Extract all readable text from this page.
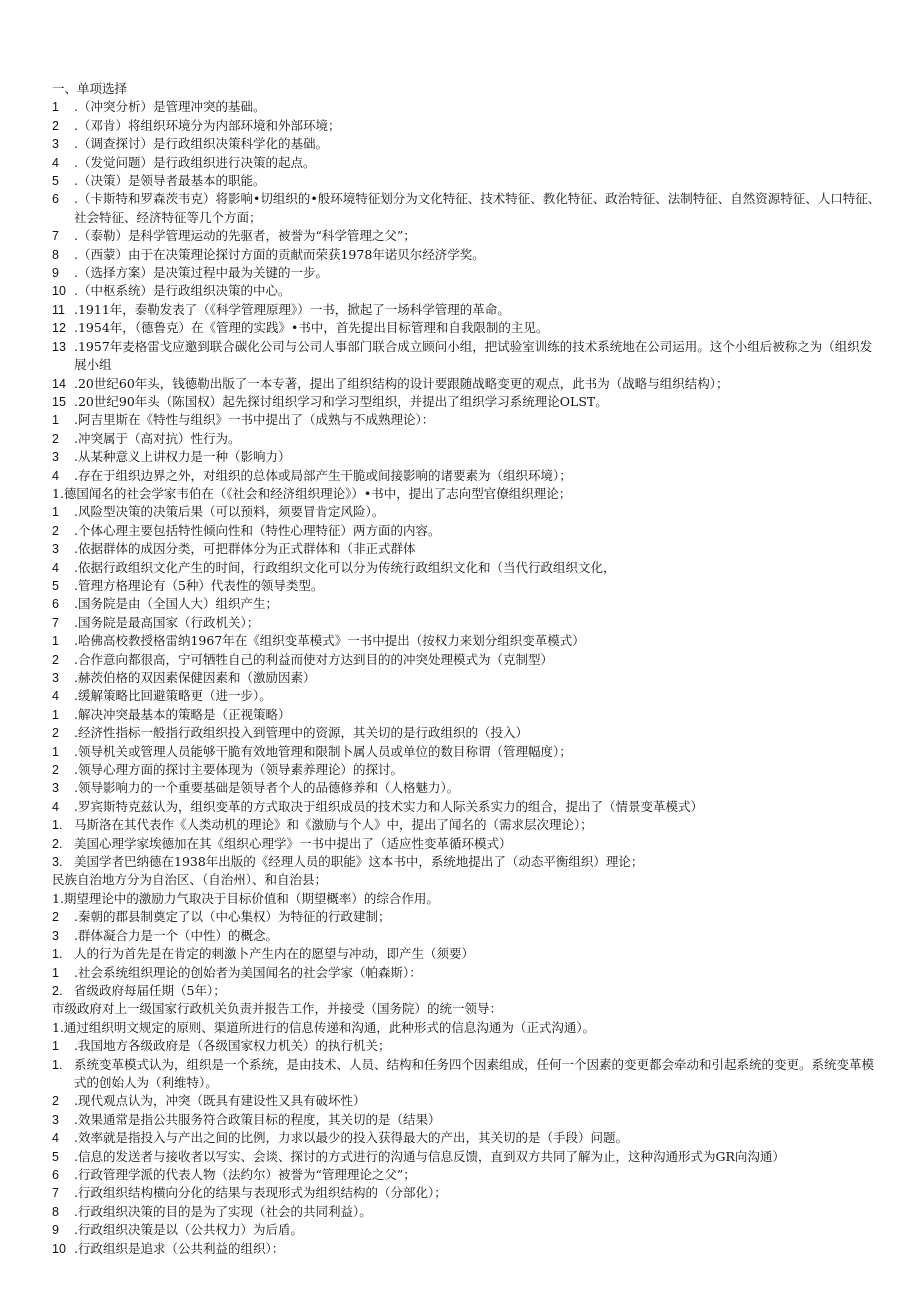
一、单项选择
1 .（冲突分析）是管理冲突的基础。
2 .（邓肯）将组织环境分为内部环境和外部环境；
3 .（调查探讨）是行政组织决策科学化的基础。
4 .（发觉问题）是行政组织进行决策的起点。
5 .（决策）是领导者最基本的职能。
6	.（卡斯特和罗森茨韦克）将影响•切组织的•般环境特征划分为文化特征、技术特征、教化特征、政治特征、法制特征、自然资源特征、人口特征、社会特征、经济特征等几个方面；
7 .（泰勒）是科学管理运动的先驱者，被誉为“科学管理之父”；
8 .（西蒙）由于在决策理论探讨方面的贡献而荣获1978年诺贝尔经济学奖。
9 .（选择方案）是决策过程中最为关键的一步。
10 .（中枢系统）是行政组织决策的中心。
11 .1911年，泰勒发表了（《科学管理原理》）一书，掀起了一场科学管理的革命。
12 .1954年，（德鲁克）在《管理的实践》•书中，首先提出目标管理和自我限制的主见。
13 .1957年麦格雷戈应邀到联合碳化公司与公司人事部门联合成立顾问小组，把试验室训练的技术系统地在公司运用。这个小组后被称之为（组织发展小组
14 .20世纪60年头，钱德勒出版了一本专著，提出了组织结构的设计要跟随战略变更的观点，此书为（战略与组织结构）；
15 .20世纪90年头（陈国权）起先探讨组织学习和学习型组织，并提出了组织学习系统理论OLST。
1 .阿吉里斯在《特性与组织》一书中提出了（成熟与不成熟理论）：
2 .冲突属于（高对抗）性行为。
3 .从某种意义上讲权力是一种（影响力）
4 .存在于组织边界之外，对组织的总体或局部产生干脆或间接影响的诸要素为（组织环境）；
1.德国闻名的社会学家韦伯在（《社会和经济组织理论》）•书中，提出了志向型官僚组织理论；
1 .风险型决策的决策后果（可以预料，须要冒肯定风险）。
2 .个体心理主要包括特性倾向性和（特性心理特征）两方面的内容。
3 .依据群体的成因分类，可把群体分为正式群体和（非正式群体
4 .依据行政组织文化产生的时间，行政组织文化可以分为传统行政组织文化和（当代行政组织文化，
5 .管理方格理论有（5种）代表性的领导类型。
6 .国务院是由（全国人大）组织产生；
7 .国务院是最高国家（行政机关）；
1 .哈佛高校教授格雷纳1967年在《组织变革模式》一书中提出（按权力来划分组织变革模式）
2 .合作意向都很高，宁可牺牲自己的利益而使对方达到目的的冲突处理模式为（克制型）
3 .赫茨伯格的双因素保健因素和（激励因素）
4 .缓解策略比回避策略更（进一步）。
1 .解决冲突最基本的策略是（正视策略）
2 .经济性指标一般指行政组织投入到管理中的资源，其关切的是行政组织的（投入）
1 .领导机关或管理人员能够干脆有效地管理和限制卜属人员或单位的数目称谓（管理幅度）；
2 .领导心理方面的探讨主要体现为（领导素养理论）的探讨。
3 .领导影响力的一个重要基础是领导者个人的品德修养和（人格魅力）。
4 .罗宾斯特克兹认为，组织变革的方式取决于组织成员的技术实力和人际关系实力的组合，提出了（情景变革模式）
1. 马斯洛在其代表作《人类动机的理论》和《激励与个人》中，提出了闻名的（需求层次理论）；
2. 美国心理学家埃德加在其《组织心理学》一书中提出了（适应性变革循环模式）
3. 美国学者巴纳德在1938年出版的《经理人员的职能》这本书中，系统地提出了（动态平衡组织）理论；
民族自治地方分为自治区、（自治州）、和自治县；
1.期望理论中的激励力气取决于目标价值和（期望概率）的综合作用。
2 .秦朝的郡县制奠定了以（中心集权）为特征的行政建制；
3 .群体凝合力是一个（中性）的概念。
1. 人的行为首先是在肯定的刺激卜产生内在的愿望与冲动，即产生（须要）
1 .社会系统组织理论的创始者为美国闻名的社会学家（帕森斯）：
2. 省级政府每届任期（5年）；
市级政府对上一级国家行政机关负责并报告工作，并接受（国务院）的统一领导：
1.通过组织明文规定的原则、渠道所进行的信息传递和沟通，此种形式的信息沟通为（正式沟通）。
1 .我国地方各级政府是（各级国家权力机关）的执行机关；
1. 系统变革模式认为，组织是一个系统，是由技术、人员、结构和任务四个因素组成，任何一个因素的变更都会牵动和引起系统的变更。系统变革模式的创始人为（利维特）。
2 .现代观点认为，冲突（既具有建设性又具有破坏性）
3 .效果通常是指公共服务符合政策目标的程度，其关切的是（结果）
4 .效率就是指投入与产出之间的比例，力求以最少的投入获得最大的产出，其关切的是（手段）问题。
5 .信息的发送者与接收者以写实、会谈、探讨的方式进行的沟通与信息反馈，直到双方共同了解为止，这种沟通形式为GR向沟通）
6 .行政管理学派的代表人物（法约尔）被誉为“管理理论之父”；
7 .行政组织结构横向分化的结果与表现形式为组织结构的（分部化）；
8 .行政组织决策的目的是为了实现（社会的共同利益）。
9 .行政组织决策是以（公共权力）为后盾。
10 .行政组织是追求（公共利益的组织）：
